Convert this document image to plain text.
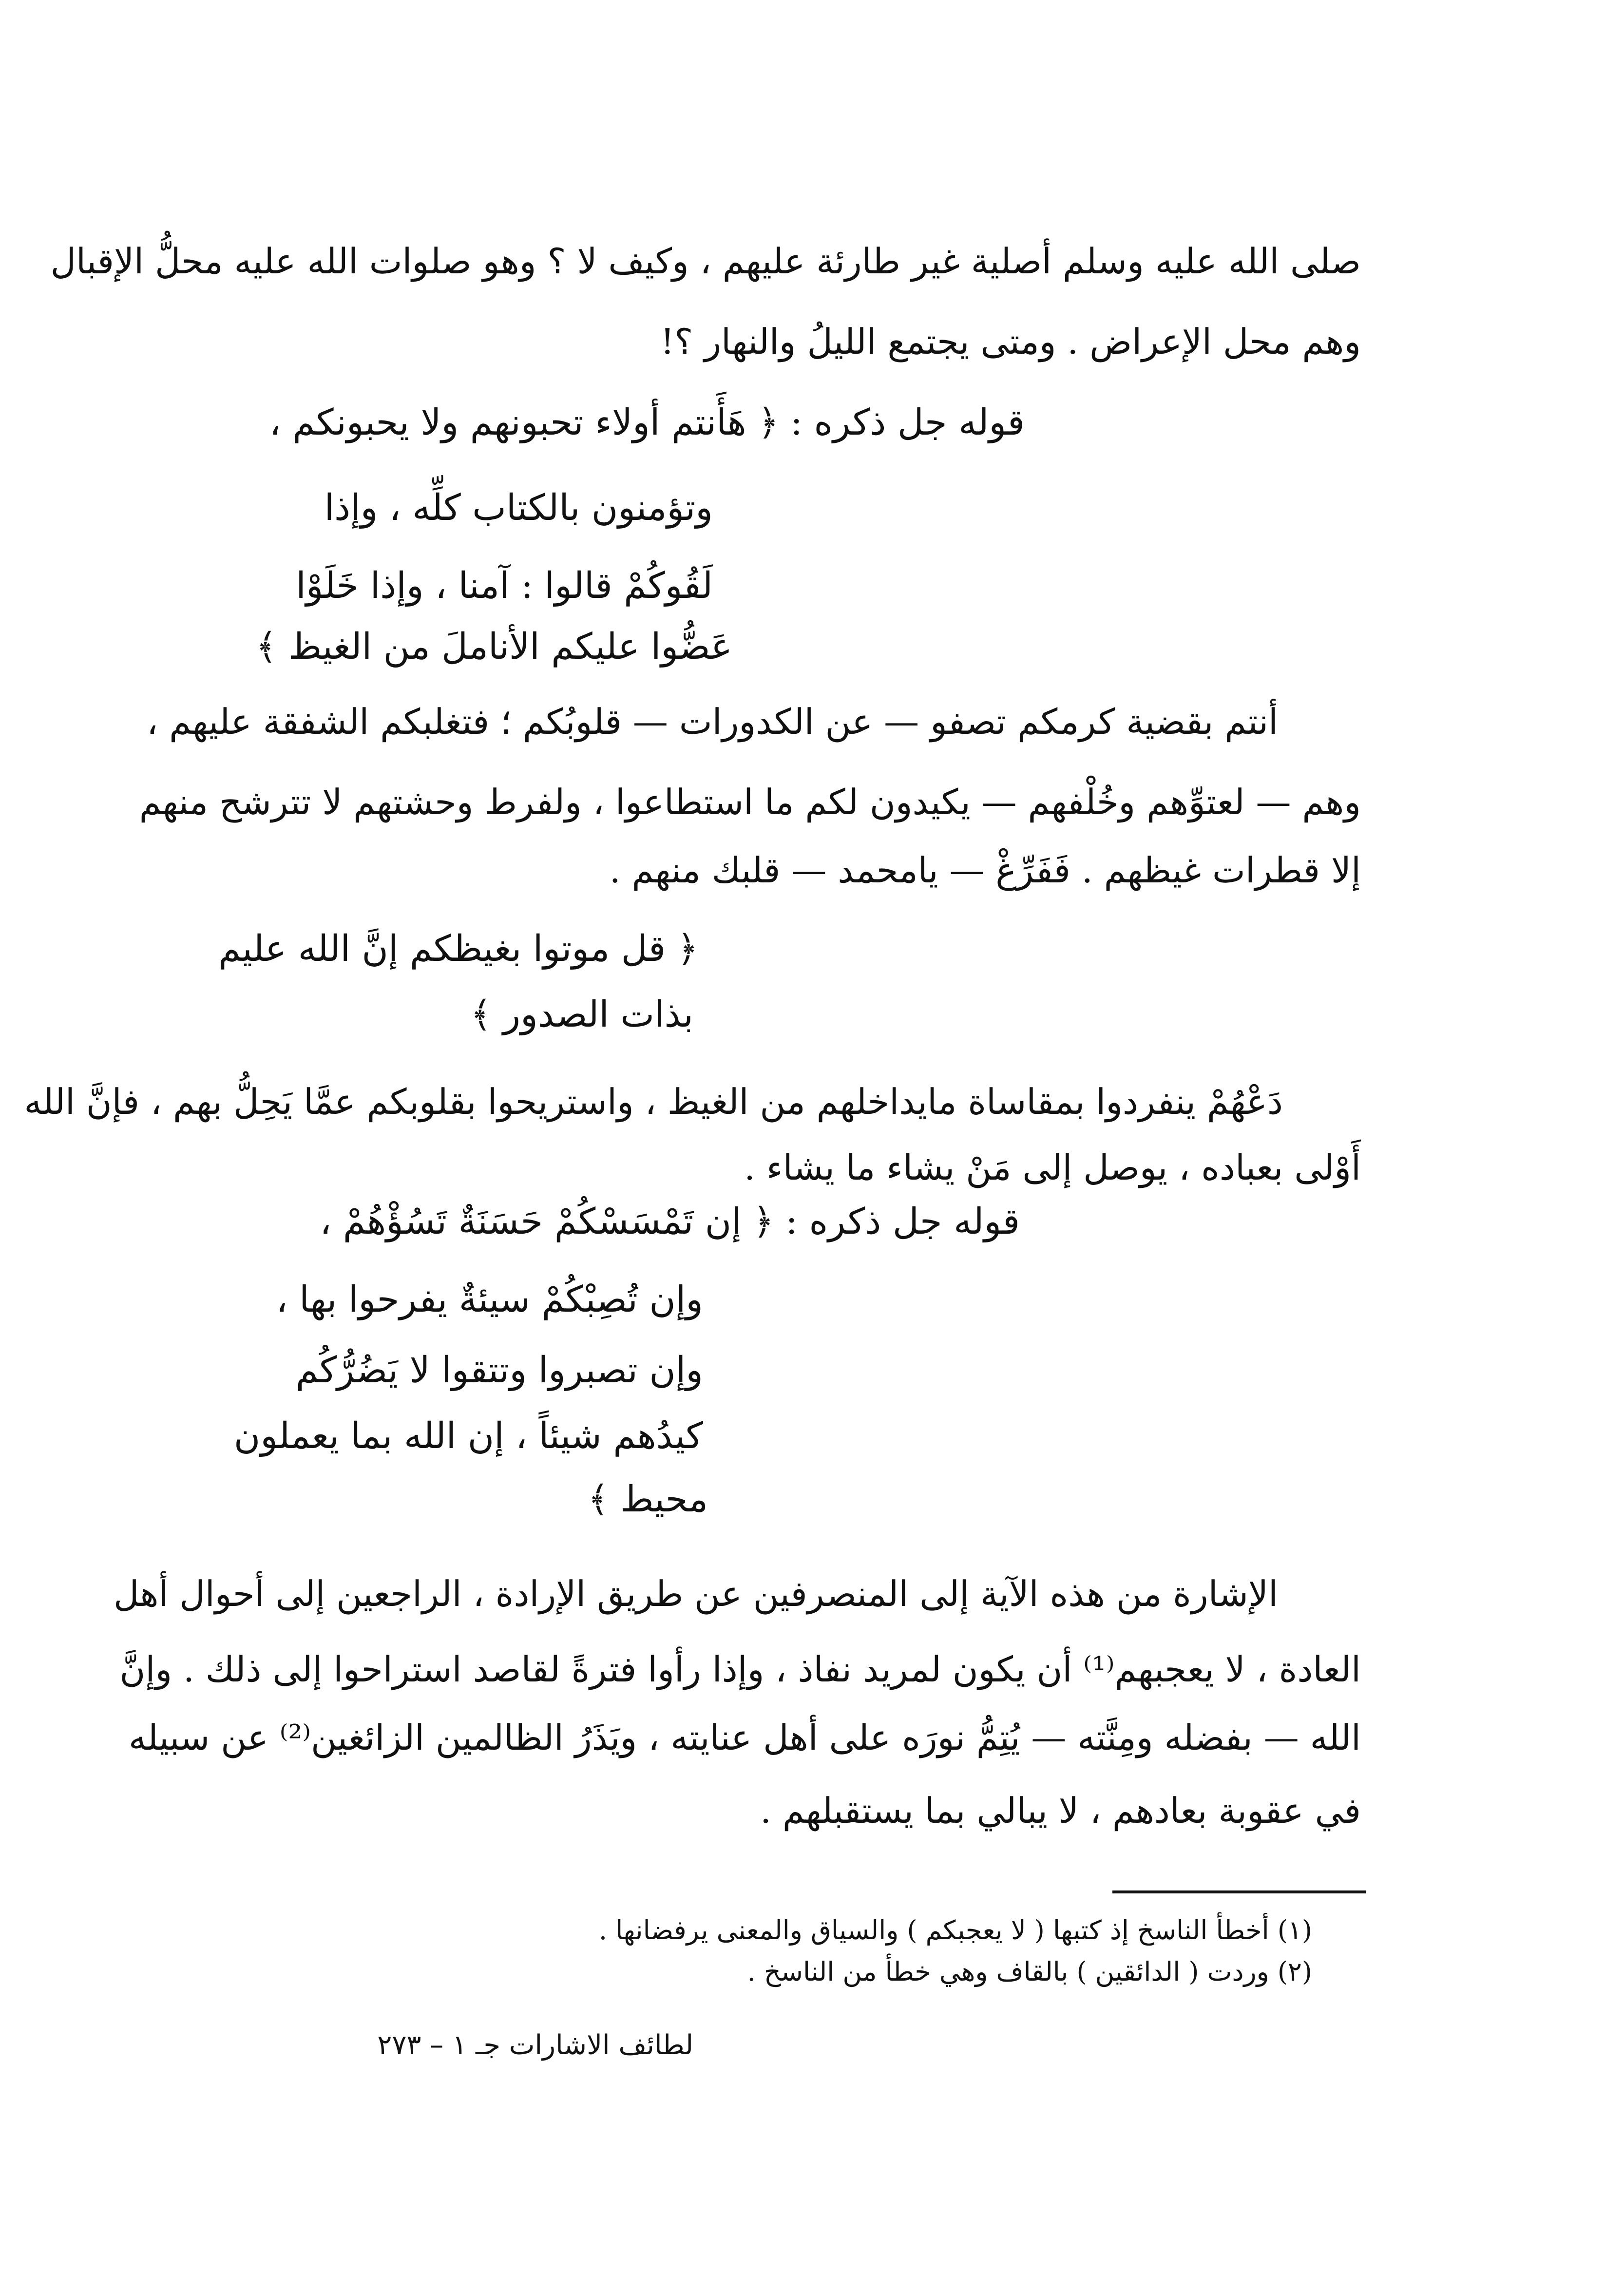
صلى الله عليه وسلم أصلية غير طارئة عليهم ، وكيف لا ؟ وهو صلوات الله عليه محلُّ الإقبال
وهم محل الإعراض . ومتى يجتمع الليلُ والنهار ؟!
قوله جل ذكره : ﴿ هَأَنتم أولاء تحبونهم ولا يحبونكم ،
وتؤمنون بالكتاب كلِّه ، وإذا
لَقُوكُمْ قالوا : آمنا ، وإذا خَلَوْا
عَضُّوا عليكم الأناملَ من الغيظ ﴾
أنتم بقضية كرمكم تصفو — عن الكدورات — قلوبُكم ؛ فتغلبكم الشفقة عليهم ،
وهم — لعتوِّهم وخُلْفهم — يكيدون لكم ما استطاعوا ، ولفرط وحشتهم لا تترشح منهم
إلا قطرات غيظهم . فَفَرِّغْ — يامحمد — قلبك منهم .
﴿ قل موتوا بغيظكم إنَّ الله عليم
بذات الصدور ﴾
دَعْهُمْ ينفردوا بمقاساة مايداخلهم من الغيظ ، واستريحوا بقلوبكم عمَّا يَحِلُّ بهم ، فإنَّ الله
أَوْلى بعباده ، يوصل إلى مَنْ يشاء ما يشاء .
قوله جل ذكره : ﴿ إن تَمْسَسْكُمْ حَسَنَةٌ تَسُؤْهُمْ ،
وإن تُصِبْكُمْ سيئةٌ يفرحوا بها ،
وإن تصبروا وتتقوا لا يَضُرُّكُم
كيدُهم شيئاً ، إن الله بما يعملون
محيط ﴾
الإشارة من هذه الآية إلى المنصرفين عن طريق الإرادة ، الراجعين إلى أحوال أهل
العادة ، لا يعجبهم⁽¹⁾ أن يكون لمريد نفاذ ، وإذا رأوا فترةً لقاصد استراحوا إلى ذلك . وإنَّ
الله — بفضله ومِنَّته — يُتِمُّ نورَه على أهل عنايته ، ويَذَرُ الظالمين الزائغين⁽²⁾ عن سبيله
في عقوبة بعادهم ، لا يبالي بما يستقبلهم .
(١) أخطأ الناسخ إذ كتبها ( لا يعجبكم ) والسياق والمعنى يرفضانها .
(٢) وردت ( الدائقين ) بالقاف وهي خطأ من الناسخ .
لطائف الاشارات جـ ١ – ٢٧٣
